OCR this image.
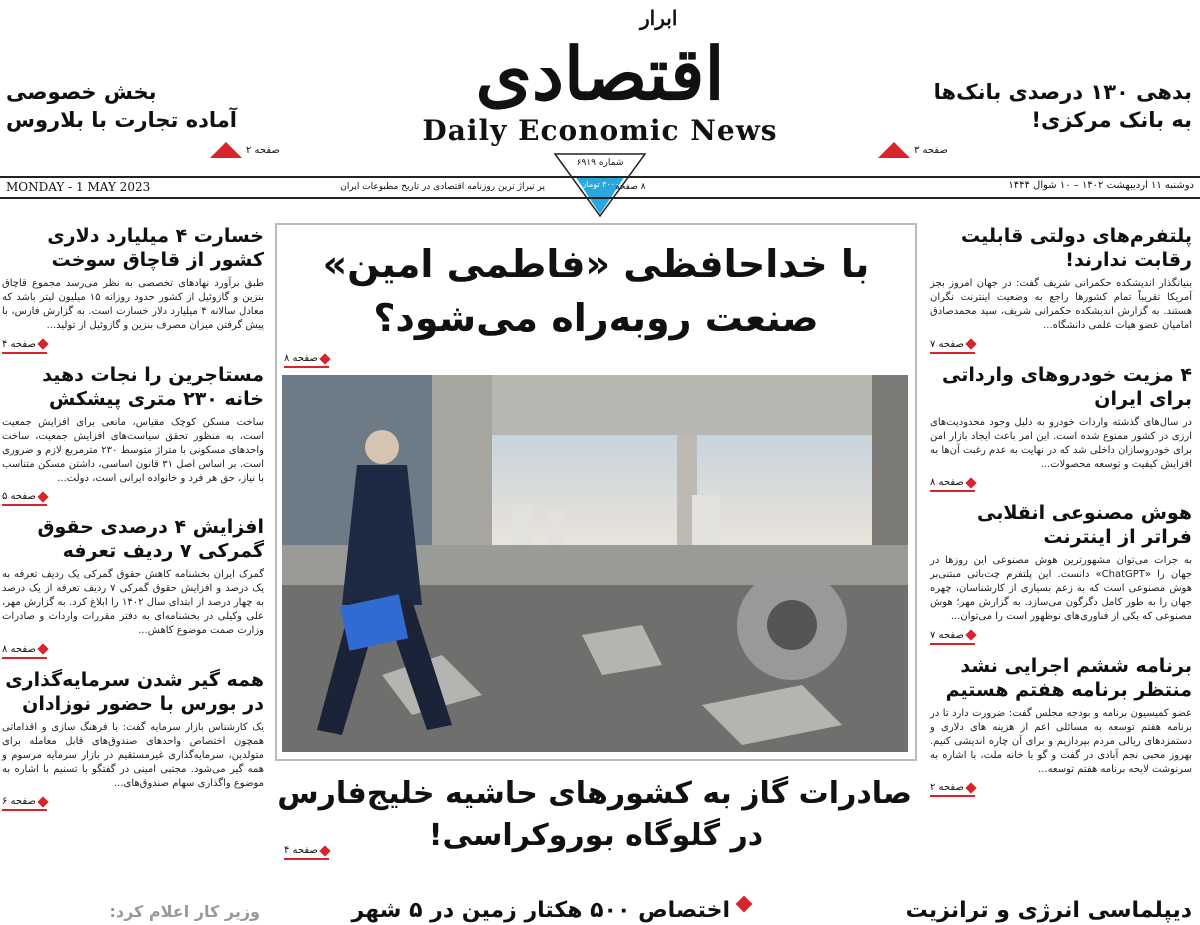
ابرار
اقتصادی
Daily Economic News
بدهی ۱۳۰ درصدی بانک‌ها
به بانک مرکزی!
صفحه ۳
بخش خصوصی
آماده تجارت با بلاروس
صفحه ۲
شماره ۶۹۱۹
۳۰۰۰ تومان
MONDAY - 1 MAY 2023	پر تیراژ ترین روزنامه اقتصادی در تاریخ مطبوعات ایران	۸ صفحه	دوشنبه ۱۱ اردیبهشت ۱۴۰۲ – ۱۰ شوال ۱۴۴۴
با خداحافظی «فاطمی امین»
صنعت روبه‌راه می‌شود؟
صفحه ۸
صادرات گاز به کشورهای حاشیه خلیج‌فارس
در گلوگاه بوروکراسی!
صفحه ۴
اختصاص ۵۰۰ هکتار زمین در ۵ شهر	دیپلماسی انرژی و ترانزیت
وزیر کار اعلام کرد:
پلتفرم‌های دولتی قابلیت رقابت ندارند!
بنیانگذار اندیشکده حکمرانی شریف گفت: در جهان امروز بجز آمریکا تقریباً تمام کشورها راجع به وضعیت اینترنت نگران هستند. به گزارش اندیشکده حکمرانی شریف، سید محمدصادق امامیان عضو هیات علمی دانشگاه...
صفحه ۷
۴ مزیت خودروهای وارداتی برای ایران
در سال‌های گذشته واردات خودرو به دلیل وجود محدودیت‌های ارزی در کشور ممنوع شده است. این امر باعث ایجاد بازار امن برای خودروسازان داخلی شد که در نهایت به عدم رغبت آن‌ها به افزایش کیفیت و توسعه محصولات...
صفحه ۸
هوش مصنوعی انقلابی فراتر از اینترنت
به جرات می‌توان مشهورترین هوش مصنوعی این روزها در جهان را «ChatGPT» دانست. این پلتفرم چت‌باتی مبتنی‌بر هوش مصنوعی است که به زعم بسیاری از کارشناسان، چهره جهان را به طور کامل دگرگون می‌سازد. به گزارش مهر؛ هوش مصنوعی که یکی از فناوری‌های نوظهور است را می‌توان...
صفحه ۷
برنامه ششم اجرایی نشد منتظر برنامه هفتم هستیم
عضو کمیسیون برنامه و بودجه مجلس گفت: ضرورت دارد تا در برنامه هفتم توسعه به مسائلی اعم از هزینه های دلاری و دستمزدهای ریالی مردم بپردازیم و برای آن چاره اندیشی کنیم. بهروز محبی نجم آبادی در گفت و گو با خانه ملت، با اشاره به سرنوشت لایحه برنامه هفتم توسعه...
صفحه ۲
خسارت ۴ میلیارد دلاری کشور از قاچاق سوخت
طبق برآورد نهادهای تخصصی به نظر می‌رسد مجموع قاچاق بنزین و گازوئیل از کشور حدود روزانه ۱۵ میلیون لیتر باشد که معادل سالانه ۴ میلیارد دلار خسارت است. به گزارش فارس، با پیش گرفتن میزان مصرف بنزین و گازوئیل از تولید...
صفحه ۴
مستاجرین را نجات دهید خانه ۲۳۰ متری پیشکش
ساخت مسکن کوچک مقیاس، مانعی برای افزایش جمعیت است، به منظور تحقق سیاست‌های افزایش جمعیت، ساخت واحدهای مسکونی با متراژ متوسط ۲۳۰ مترمربع لازم و ضروری است. بر اساس اصل ۳۱ قانون اساسی، داشتن مسکن متناسب با نیاز، حق هر فرد و خانواده ایرانی است، دولت...
صفحه ۵
افزایش ۴ درصدی حقوق گمرکی ۷ ردیف تعرفه
گمرک ایران بخشنامه کاهش حقوق گمرکی یک ردیف تعرفه به یک درصد و افزایش حقوق گمرکی ۷ ردیف تعرفه از یک درصد به چهار درصد از ابتدای سال ۱۴۰۲ را ابلاغ کرد. به گزارش مهر، علی وکیلی در بخشنامه‌ای به دفتر مقررات واردات و صادرات وزارت صمت موضوع کاهش...
صفحه ۸
همه گیر شدن سرمایه‌گذاری در بورس با حضور نوزادان
یک کارشناس بازار سرمایه گفت: با فرهنگ سازی و اقداماتی همچون اختصاص واحدهای صندوق‌های قابل معامله برای متولدین، سرمایه‌گذاری غیرمستقیم در بازار سرمایه مرسوم و همه گیر می‌شود. مجتبی امینی در گفتگو با تسنیم با اشاره به موضوع واگذاری سهام صندوق‌های...
صفحه ۶
